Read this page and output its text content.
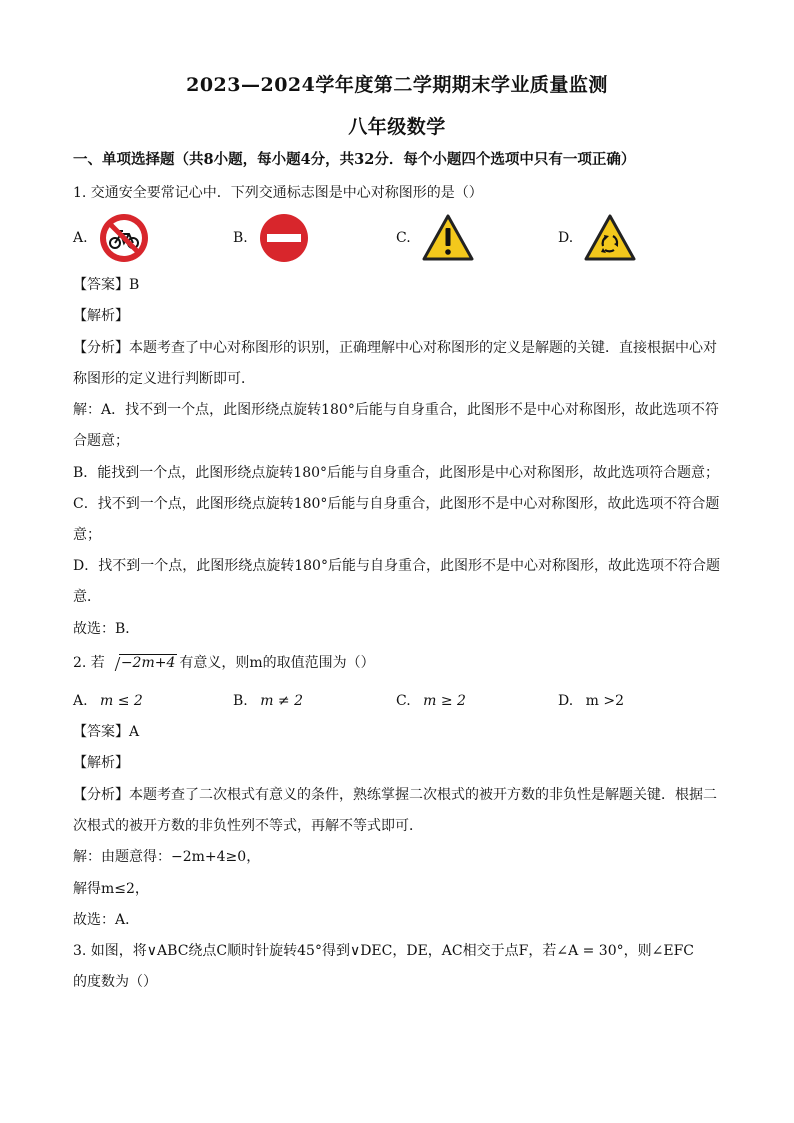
2023—2024学年度第二学期期末学业质量监测
八年级数学
一、单项选择题（共8小题，每小题4分，共32分．每个小题四个选项中只有一项正确）
1. 交通安全要常记心中．下列交通标志图是中心对称图形的是（）
A.	B.	C.	D.
【答案】B
【解析】
【分析】本题考查了中心对称图形的识别，正确理解中心对称图形的定义是解题的关键．直接根据中心对
称图形的定义进行判断即可．
解：A．找不到一个点，此图形绕点旋转180°后能与自身重合，此图形不是中心对称图形，故此选项不符
合题意；
B．能找到一个点，此图形绕点旋转180°后能与自身重合，此图形是中心对称图形，故此选项符合题意；
C．找不到一个点，此图形绕点旋转180°后能与自身重合，此图形不是中心对称图形，故此选项不符合题
意；
D．找不到一个点，此图形绕点旋转180°后能与自身重合，此图形不是中心对称图形，故此选项不符合题
意．
故选：B．
2. 若 −2m+4 有意义，则m的取值范围为（）
A. m ≤ 2	B. m ≠ 2	C. m ≥ 2	D. m >2
【答案】A
【解析】
【分析】本题考查了二次根式有意义的条件，熟练掌握二次根式的被开方数的非负性是解题关键．根据二
次根式的被开方数的非负性列不等式，再解不等式即可．
解：由题意得：−2m+4≥0，
解得m≤2，
故选：A．
3. 如图，将∨ABC绕点C顺时针旋转45°得到∨DEC，DE，AC相交于点F，若∠A = 30°，则∠EFC
的度数为（）
